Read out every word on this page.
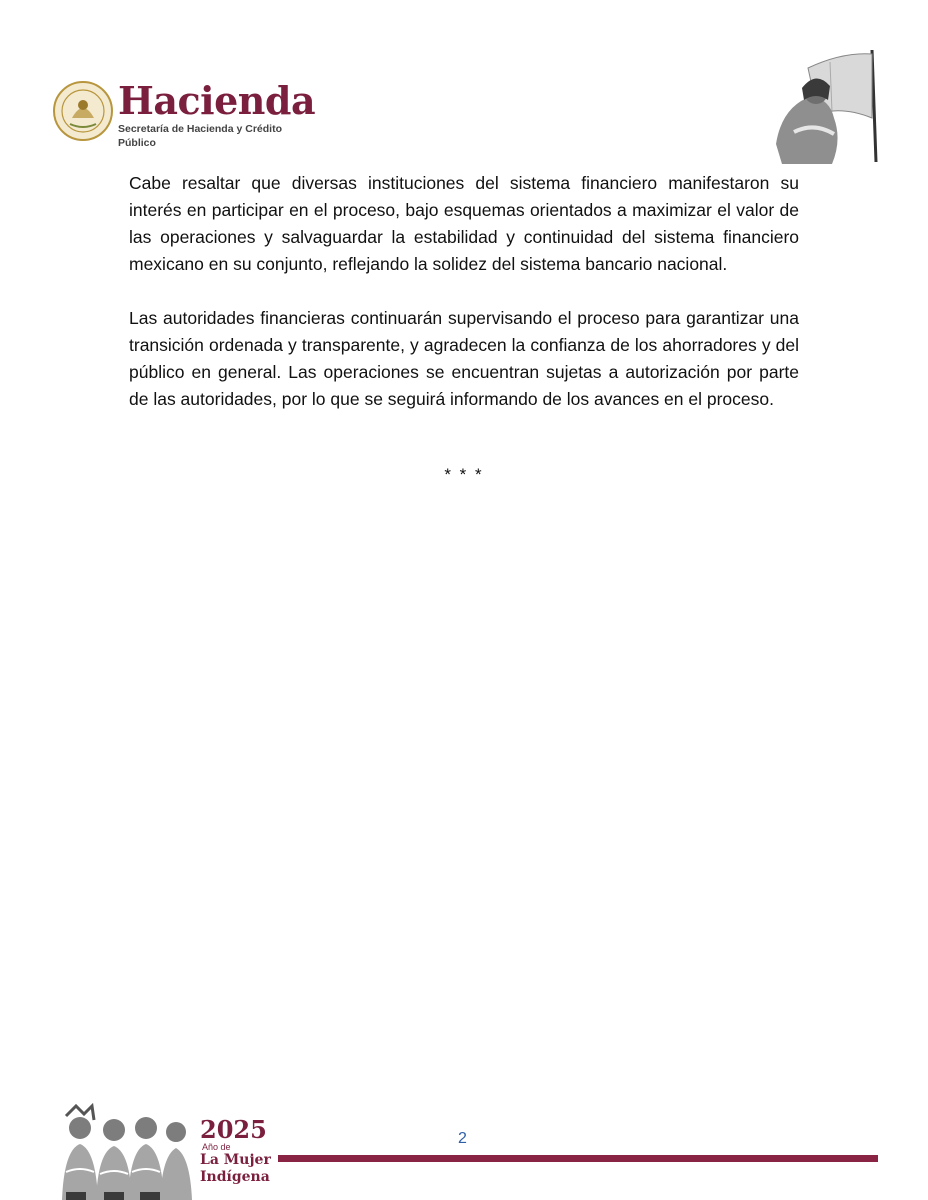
Hacienda
Secretaría de Hacienda y Crédito Público

Cabe resaltar que diversas instituciones del sistema financiero manifestaron su interés en participar en el proceso, bajo esquemas orientados a maximizar el valor de las operaciones y salvaguardar la estabilidad y continuidad del sistema financiero mexicano en su conjunto, reflejando la solidez del sistema bancario nacional.

Las autoridades financieras continuarán supervisando el proceso para garantizar una transición ordenada y transparente, y agradecen la confianza de los ahorradores y del público en general. Las operaciones se encuentran sujetas a autorización por parte de las autoridades, por lo que se seguirá informando de los avances en el proceso.

* * *
2025
Año de
La Mujer
Indígena
2
